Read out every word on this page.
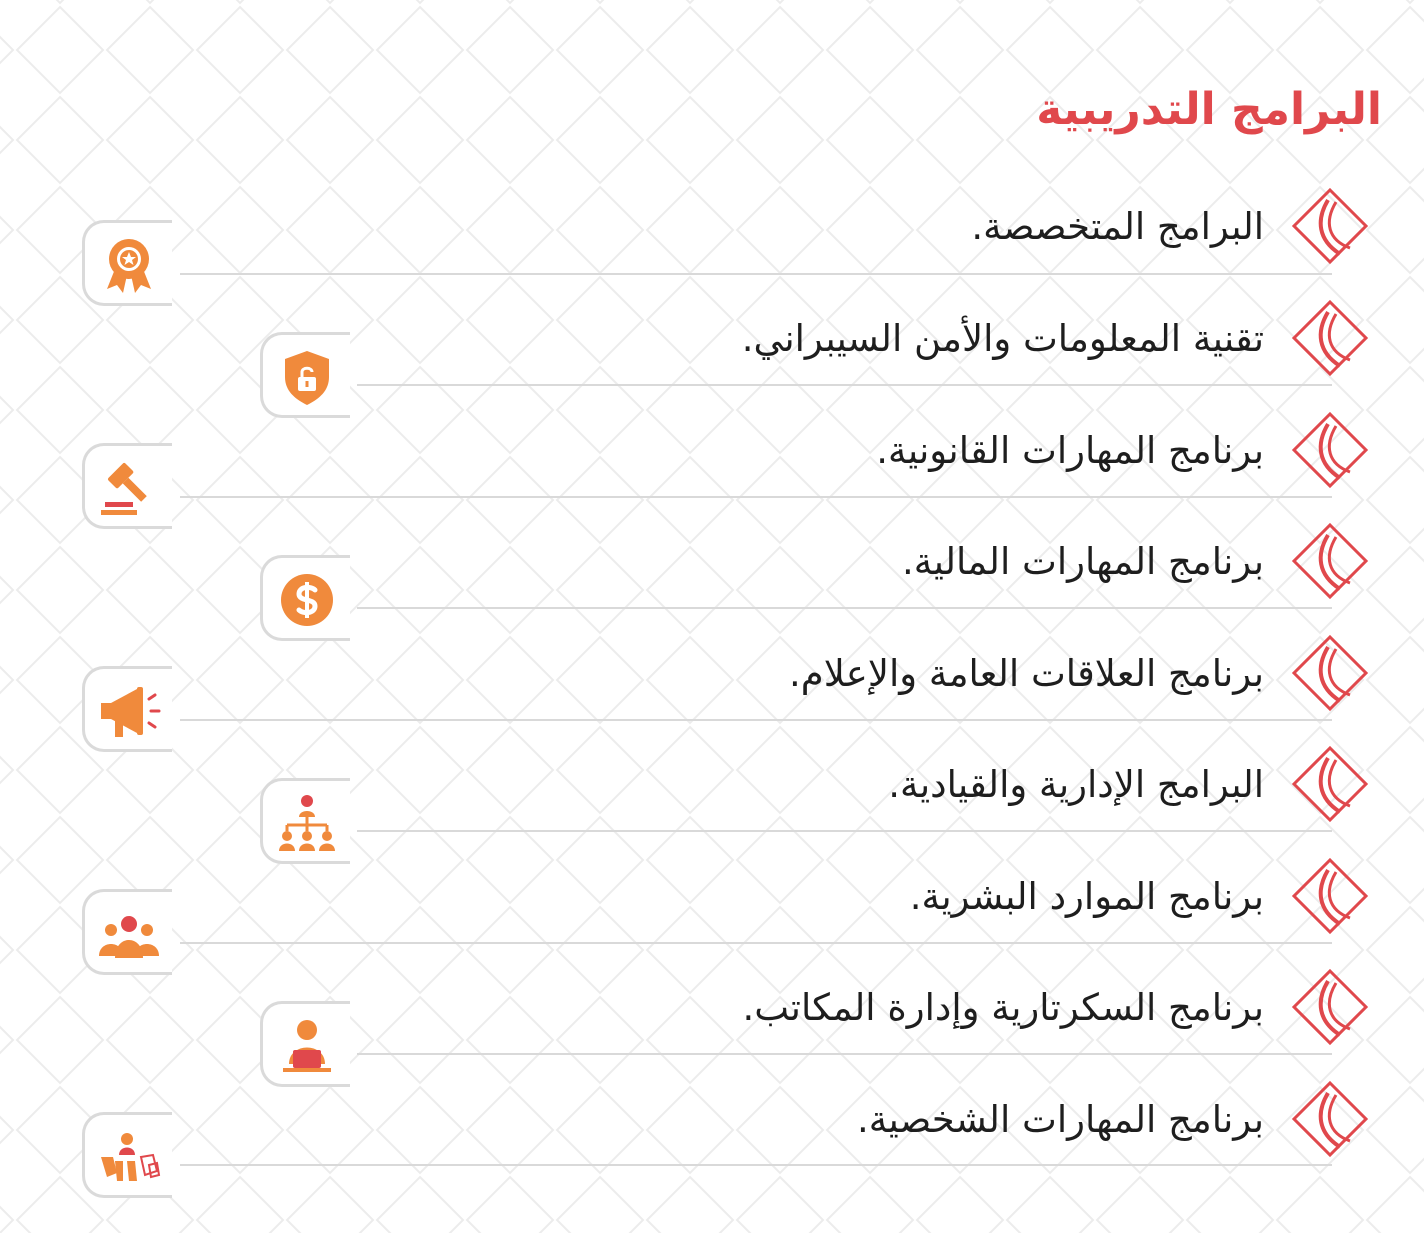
البرامج التدريبية
البرامج المتخصصة.
تقنية المعلومات والأمن السيبراني.
برنامج المهارات القانونية.
برنامج المهارات المالية.
برنامج العلاقات العامة والإعلام.
البرامج الإدارية والقيادية.
برنامج الموارد البشرية.
برنامج السكرتارية وإدارة المكاتب.
برنامج المهارات الشخصية.
